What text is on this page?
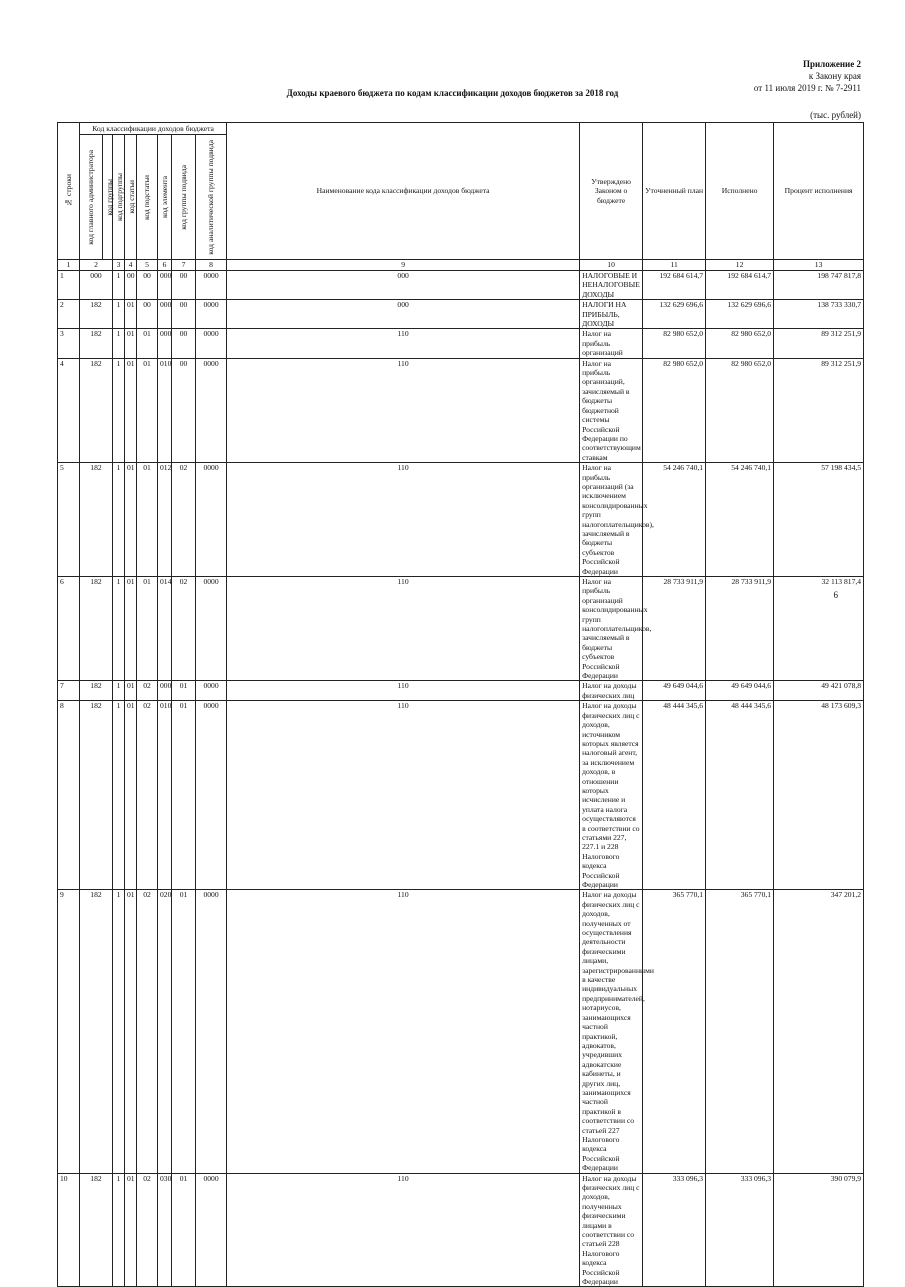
Приложение 2
к Закону края
от 11 июля 2019 г. № 7-2911
Доходы краевого бюджета по кодам классификации доходов бюджетов за 2018 год
(тыс. рублей)
№ строки	Код классификации доходов бюджета								Наименование кода классификации доходов бюджета	Утверждено Законом о бюджете	Уточненный план	Исполнено	Процент исполнения	

	код главного администратора	код группы	код подгруппы	код статьи	код подстатьи	код элемента	код группы подвида	код аналитической группы подвида						

1	2		3	4	5	6	7	8	9	10	11	12	13	
1	000		1	00	00	000	00	0000	000	НАЛОГОВЫЕ И НЕНАЛОГОВЫЕ ДОХОДЫ	192 684 614,7	192 684 614,7	198 747 817,8	
2	182		1	01	00	000	00	0000	000	НАЛОГИ НА ПРИБЫЛЬ, ДОХОДЫ	132 629 696,6	132 629 696,6	138 733 330,7	
3	182		1	01	01	000	00	0000	110	Налог на прибыль организаций	82 980 652,0	82 980 652,0	89 312 251,9	
4	182		1	01	01	010	00	0000	110	Налог на прибыль организаций, зачисляемый в бюджеты бюджетной системы Российской Федерации по соответствующим ставкам	82 980 652,0	82 980 652,0	89 312 251,9	
5	182		1	01	01	012	02	0000	110	Налог на прибыль организаций (за исключением консолидированных групп налогоплательщиков), зачисляемый в бюджеты субъектов Российской Федерации	54 246 740,1	54 246 740,1	57 198 434,5	
6	182		1	01	01	014	02	0000	110	Налог на прибыль организаций консолидированных групп налогоплательщиков, зачисляемый в бюджеты субъектов Российской Федерации	28 733 911,9	28 733 911,9	32 113 817,4	
7	182		1	01	02	000	01	0000	110	Налог на доходы физических лиц	49 649 044,6	49 649 044,6	49 421 078,8	
8	182		1	01	02	010	01	0000	110	Налог на доходы физических лиц с доходов, источником которых является налоговый агент, за исключением доходов, в отношении которых исчисление и уплата налога осуществляются в соответствии со статьями 227, 227.1 и 228 Налогового кодекса Российской Федерации	48 444 345,6	48 444 345,6	48 173 609,3	
9	182		1	01	02	020	01	0000	110	Налог на доходы физических лиц с доходов, полученных от осуществления деятельности физическими лицами, зарегистрированными в качестве индивидуальных предпринимателей, нотариусов, занимающихся частной практикой, адвокатов, учредивших адвокатские кабинеты, и других лиц, занимающихся частной практикой в соответствии со статьей 227 Налогового кодекса Российской Федерации	365 770,1	365 770,1	347 201,2	
10	182		1	01	02	030	01	0000	110	Налог на доходы физических лиц с доходов, полученных физическими лицами в соответствии со статьей 228 Налогового кодекса Российской Федерации	333 096,3	333 096,3	390 079,9	
6
